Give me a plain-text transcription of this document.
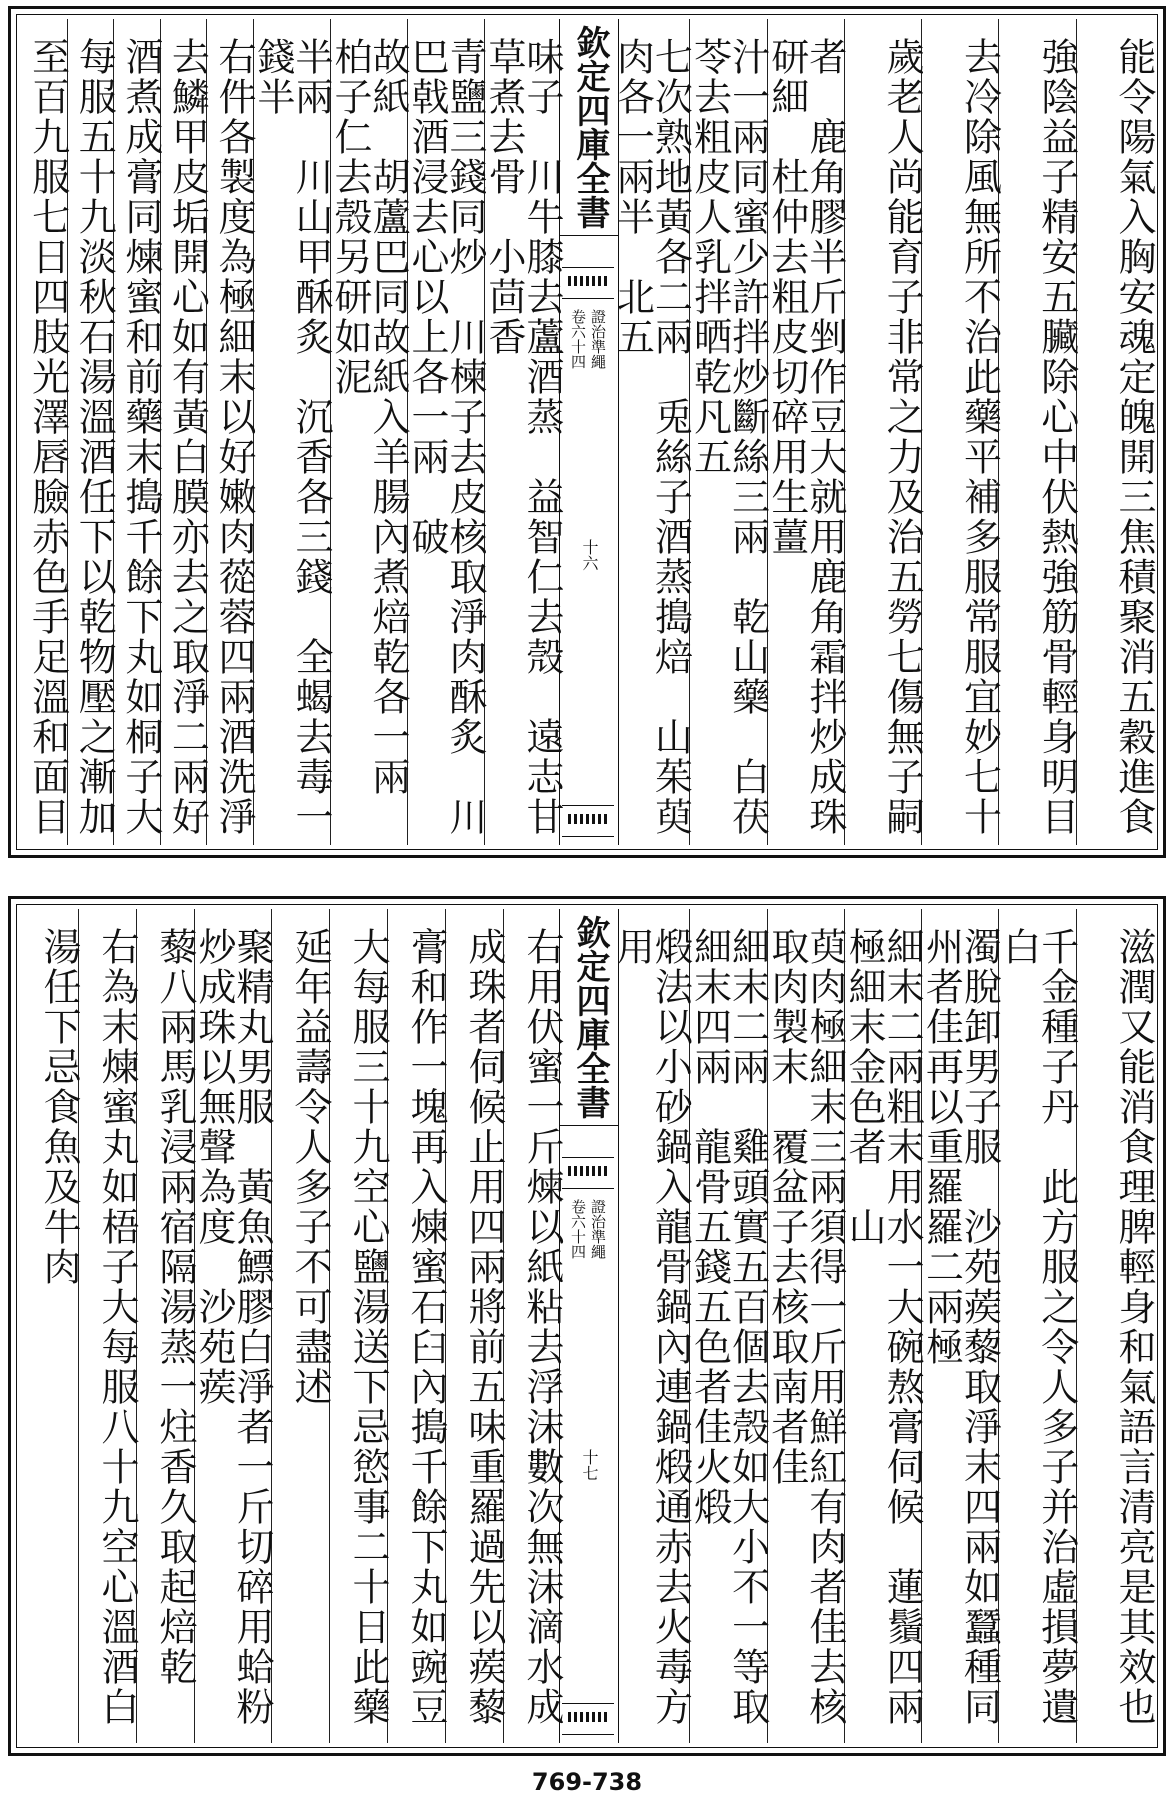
能令陽氣入胸安魂定魄開三焦積聚消五穀進食
強陰益子精安五臟除心中伏熱強筋骨輕身明目
去冷除風無所不治此藥平補多服常服宜妙七十
歲老人尚能育子非常之力及治五勞七傷無子嗣
者　鹿角膠半斤剉作豆大就用鹿角霜拌炒成珠研細　杜仲去粗皮切碎用生薑
汁一兩同蜜少許拌炒斷絲三兩　乾山藥　白茯苓去粗皮人乳拌晒乾凡五
七次熟地黃各二兩　兎絲子酒蒸搗焙　山茱萸肉各一兩半　北五
欽定四庫全書
證治準繩
卷六十四
十六
味子　川牛膝去蘆酒蒸　益智仁去殼　遠志甘草煮去骨　小茴香
青鹽三錢同炒　川楝子去皮核取淨肉酥炙　川巴戟酒浸去心以上各一兩　破
故紙　胡蘆巴同故紙入羊腸內煮焙乾各一兩　柏子仁去殼另研如泥
半兩　川山甲酥炙　沉香各三錢　全蝎去毒一錢半
右件各製度為極細末以好嫩肉蓯蓉四兩酒洗淨
去鱗甲皮垢開心如有黃白膜亦去之取淨二兩好
酒煮成膏同煉蜜和前藥末搗千餘下丸如桐子大
每服五十九淡秋石湯溫酒任下以乾物壓之漸加
至百九服七日四肢光澤唇臉赤色手足溫和面目
滋潤又能消食理脾輕身和氣語言清亮是其效也
千金種子丹　此方服之令人多子并治虛損夢遺白
濁脫卸男子服　沙苑蒺藜取淨末四兩如蠶種同州者佳再以重羅羅二兩極
細末二兩粗末用水一大碗熬膏伺候　蓮鬚四兩極細末金色者　山
萸肉極細末三兩須得一斤用鮮紅有肉者佳去核取肉製末　覆盆子去核取南者佳
細末二兩　雞頭實五百個去殼如大小不一等取細末四兩　龍骨五錢五色者佳火煅
煅法以小砂鍋入龍骨鍋內連鍋煅通赤去火毒方用
欽定四庫全書
證治準繩
卷六十四
十七
右用伏蜜一斤煉以紙粘去浮沫數次無沫滴水成
成珠者伺候止用四兩將前五味重羅過先以蒺藜
膏和作一塊再入煉蜜石臼內搗千餘下丸如豌豆
大每服三十九空心鹽湯送下忌慾事二十日此藥
延年益壽令人多子不可盡述
聚精丸男服　黃魚鰾膠白淨者一斤切碎用蛤粉炒成珠以無聲為度　沙苑蒺
藜八兩馬乳浸兩宿隔湯蒸一炷香久取起焙乾
右為末煉蜜丸如梧子大每服八十九空心溫酒白
湯任下忌食魚及牛肉
769-738
